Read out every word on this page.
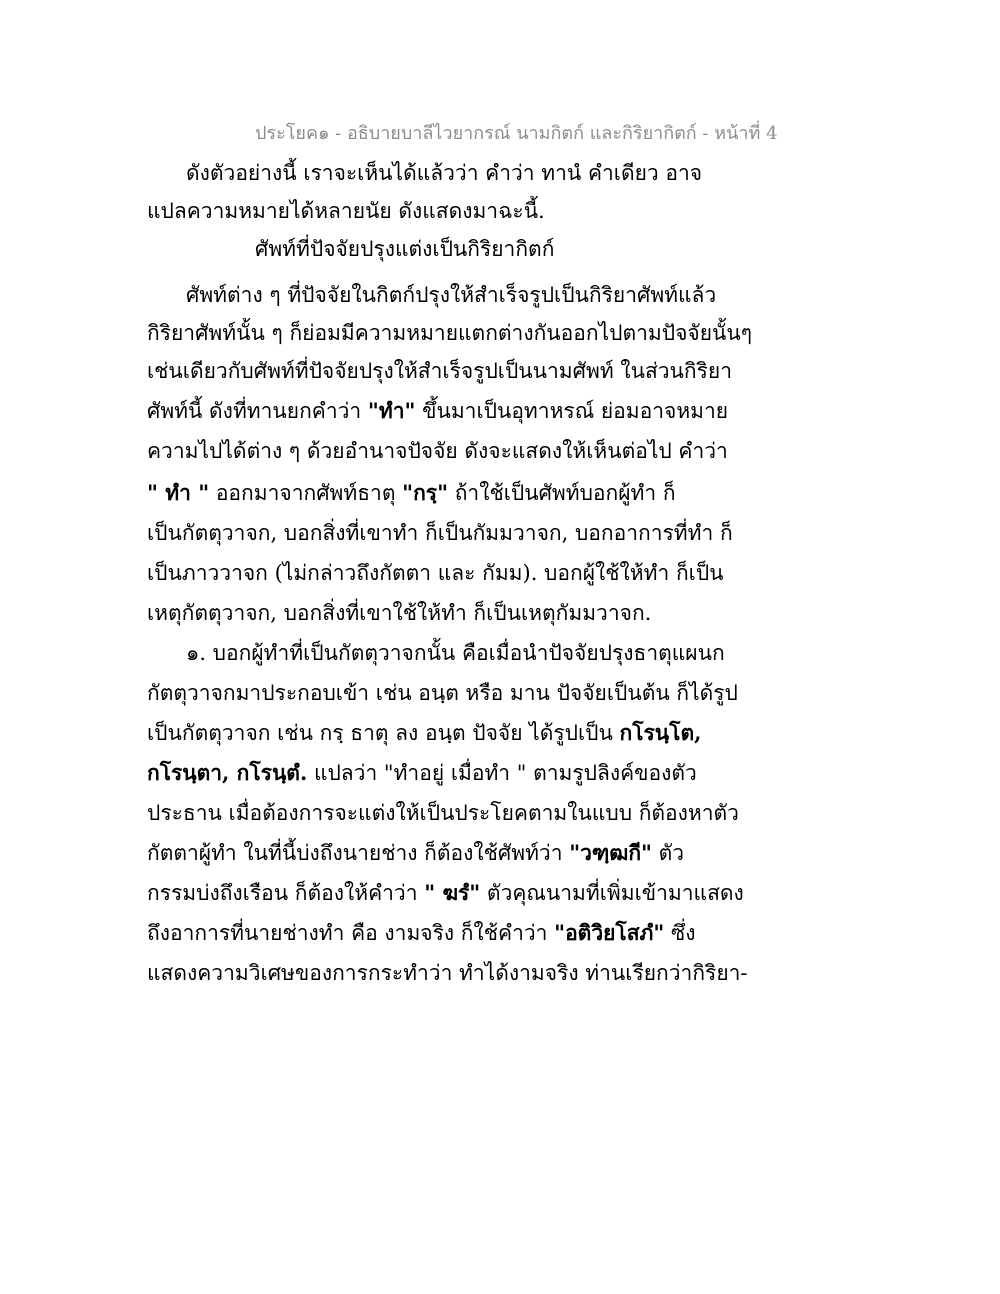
ประโยค๑ - อธิบายบาลีไวยากรณ์ นามกิตก์ และกิริยากิตก์ - หน้าที่ 4
ดังตัวอย่างนี้ เราจะเห็นได้แล้วว่า คำว่า ทานํ คำเดียว อาจ
แปลความหมายได้หลายนัย ดังแสดงมาฉะนี้.
ศัพท์ที่ปัจจัยปรุงแต่งเป็นกิริยากิตก์
ศัพท์ต่าง ๆ ที่ปัจจัยในกิตก์ปรุงให้สำเร็จรูปเป็นกิริยาศัพท์แล้ว
กิริยาศัพท์นั้น ๆ ก็ย่อมมีความหมายแตกต่างกันออกไปตามปัจจัยนั้นๆ
เช่นเดียวกับศัพท์ที่ปัจจัยปรุงให้สำเร็จรูปเป็นนามศัพท์ ในส่วนกิริยา
ศัพท์นี้ ดังที่ทานยกคำว่า "ทำ" ขึ้นมาเป็นอุทาหรณ์ ย่อมอาจหมาย
ความไปได้ต่าง ๆ ด้วยอำนาจปัจจัย ดังจะแสดงให้เห็นต่อไป คำว่า
" ทำ " ออกมาจากศัพท์ธาตุ "กรฺ" ถ้าใช้เป็นศัพท์บอกผู้ทำ ก็
เป็นกัตตุวาจก, บอกสิ่งที่เขาทำ ก็เป็นกัมมวาจก, บอกอาการที่ทำ ก็
เป็นภาววาจก (ไม่กล่าวถึงกัตตา และ กัมม). บอกผู้ใช้ให้ทำ ก็เป็น
เหตุกัตตุวาจก, บอกสิ่งที่เขาใช้ให้ทำ ก็เป็นเหตุกัมมวาจก.
๑. บอกผู้ทำที่เป็นกัตตุวาจกนั้น คือเมื่อนำปัจจัยปรุงธาตุแผนก
กัตตุวาจกมาประกอบเข้า เช่น อนฺต หรือ มาน ปัจจัยเป็นต้น ก็ได้รูป
เป็นกัตตุวาจก เช่น กรฺ ธาตุ ลง อนฺต ปัจจัย ได้รูปเป็น กโรนฺโต,
กโรนฺตา, กโรนฺตํ. แปลว่า "ทำอยู่ เมื่อทำ " ตามรูปลิงค์ของตัว
ประธาน เมื่อต้องการจะแต่งให้เป็นประโยคตามในแบบ ก็ต้องหาตัว
กัตตาผู้ทำ ในที่นี้บ่งถึงนายช่าง ก็ต้องใช้ศัพท์ว่า "วฑฺฒกี" ตัว
กรรมบ่งถึงเรือน ก็ต้องให้คำว่า " ฆรํ" ตัวคุณนามที่เพิ่มเข้ามาแสดง
ถึงอาการที่นายช่างทำ คือ งามจริง ก็ใช้คำว่า "อติวิยโสภํ" ซึ่ง
แสดงความวิเศษของการกระทำว่า ทำได้งามจริง ท่านเรียกว่ากิริยา-
